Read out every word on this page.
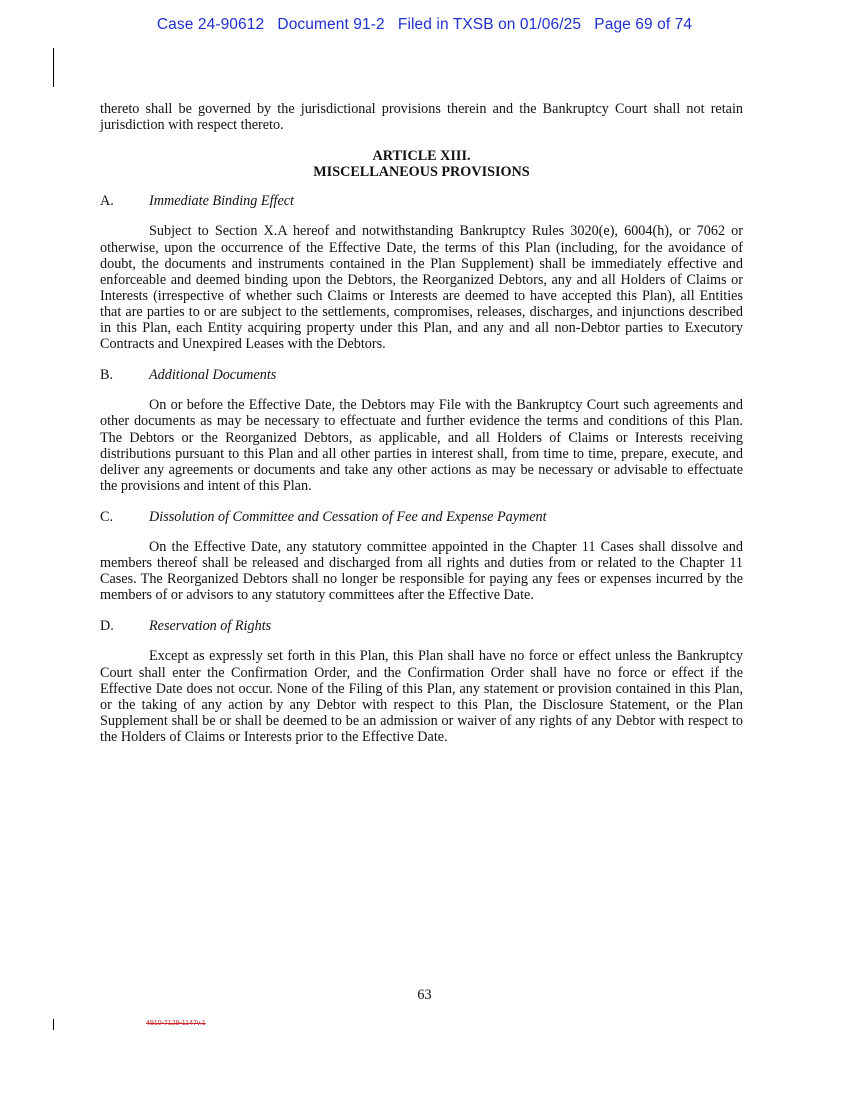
Case 24-90612   Document 91-2   Filed in TXSB on 01/06/25   Page 69 of 74

thereto shall be governed by the jurisdictional provisions therein and the Bankruptcy Court shall not retain jurisdiction with respect thereto.

ARTICLE XIII.
MISCELLANEOUS PROVISIONS
A.	Immediate Binding Effect

Subject to Section X.A hereof and notwithstanding Bankruptcy Rules 3020(e), 6004(h), or 7062 or otherwise, upon the occurrence of the Effective Date, the terms of this Plan (including, for the avoidance of doubt, the documents and instruments contained in the Plan Supplement) shall be immediately effective and enforceable and deemed binding upon the Debtors, the Reorganized Debtors, any and all Holders of Claims or Interests (irrespective of whether such Claims or Interests are deemed to have accepted this Plan), all Entities that are parties to or are subject to the settlements, compromises, releases, discharges, and injunctions described in this Plan, each Entity acquiring property under this Plan, and any and all non-Debtor parties to Executory Contracts and Unexpired Leases with the Debtors.

B.	Additional Documents

On or before the Effective Date, the Debtors may File with the Bankruptcy Court such agreements and other documents as may be necessary to effectuate and further evidence the terms and conditions of this Plan. The Debtors or the Reorganized Debtors, as applicable, and all Holders of Claims or Interests receiving distributions pursuant to this Plan and all other parties in interest shall, from time to time, prepare, execute, and deliver any agreements or documents and take any other actions as may be necessary or advisable to effectuate the provisions and intent of this Plan.

C.	Dissolution of Committee and Cessation of Fee and Expense Payment

On the Effective Date, any statutory committee appointed in the Chapter 11 Cases shall dissolve and members thereof shall be released and discharged from all rights and duties from or related to the Chapter 11 Cases. The Reorganized Debtors shall no longer be responsible for paying any fees or expenses incurred by the members of or advisors to any statutory committees after the Effective Date.

D.	Reservation of Rights

Except as expressly set forth in this Plan, this Plan shall have no force or effect unless the Bankruptcy Court shall enter the Confirmation Order, and the Confirmation Order shall have no force or effect if the Effective Date does not occur. None of the Filing of this Plan, any statement or provision contained in this Plan, or the taking of any action by any Debtor with respect to this Plan, the Disclosure Statement, or the Plan Supplement shall be or shall be deemed to be an admission or waiver of any rights of any Debtor with respect to the Holders of Claims or Interests prior to the Effective Date.

63
4910-7129-1147v.1
